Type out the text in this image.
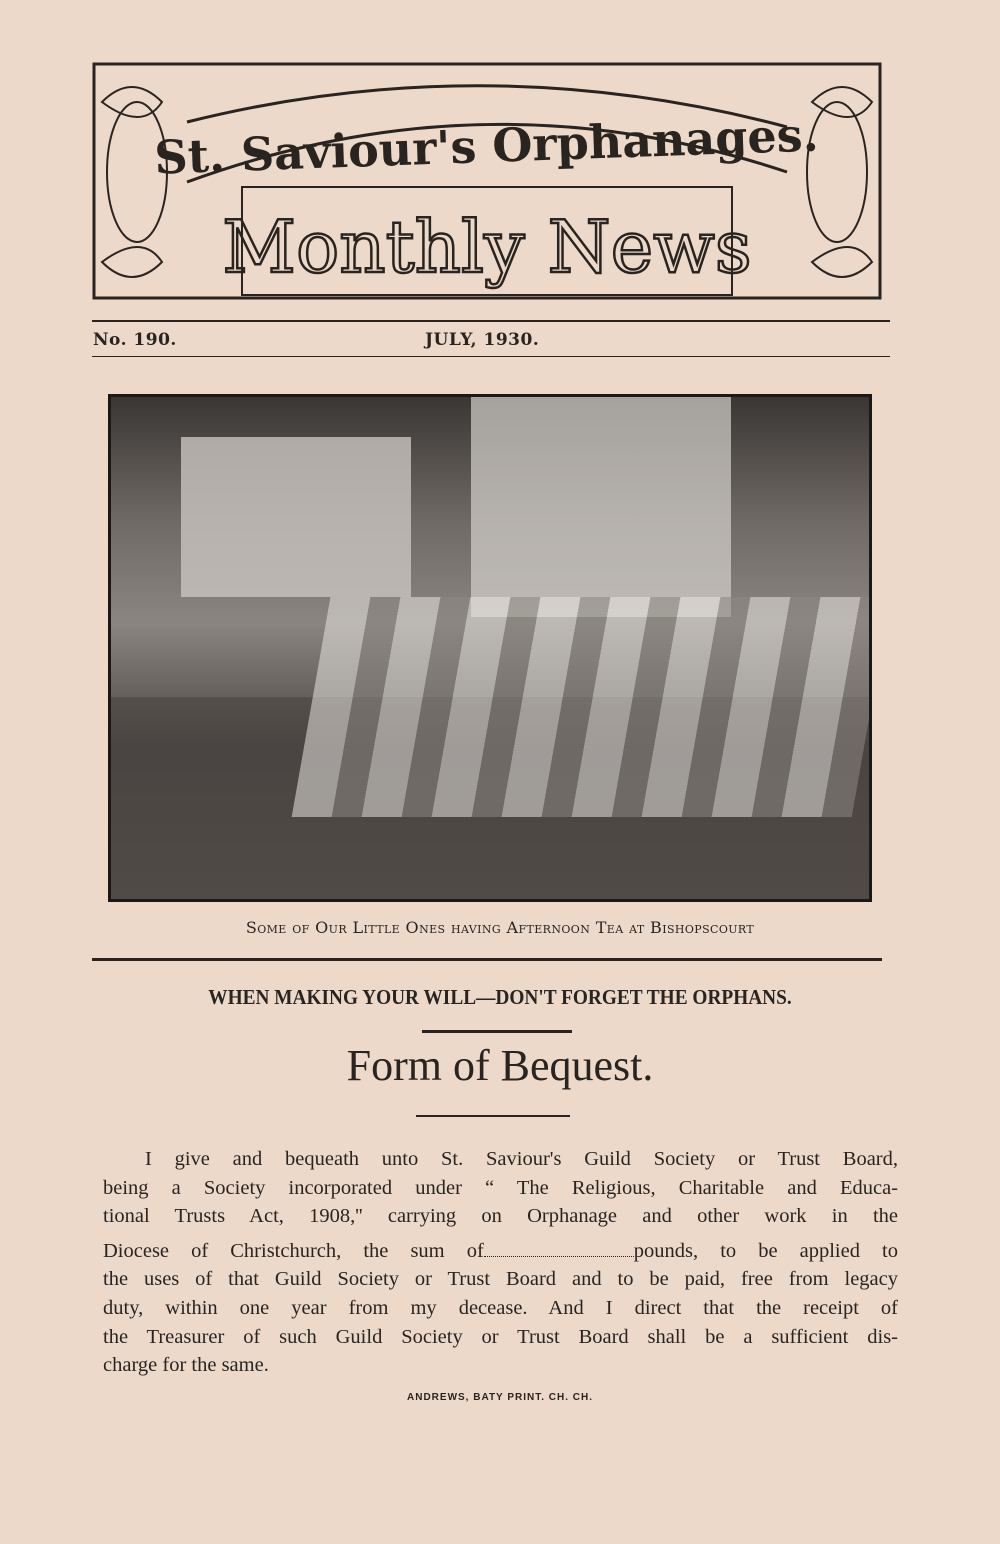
St. Saviour's Orphanages.
Monthly News
No. 190.	JULY, 1930.
Some of Our Little Ones having Afternoon Tea at Bishopscourt
WHEN MAKING YOUR WILL—DON'T FORGET THE ORPHANS.
Form of Bequest.
I give and bequeath unto St. Saviour's Guild Society or Trust Board,
being a Society incorporated under “ The Religious, Charitable and Educa-
tional Trusts Act, 1908,'' carrying on Orphanage and other work in the
Diocese of Christchurch, the sum of	pounds, to be applied to
the uses of that Guild Society or Trust Board and to be paid, free from legacy
duty, within one year from my decease. And I direct that the receipt of
the Treasurer of such Guild Society or Trust Board shall be a sufficient dis-
charge for the same.
ANDREWS, BATY PRINT. CH. CH.
